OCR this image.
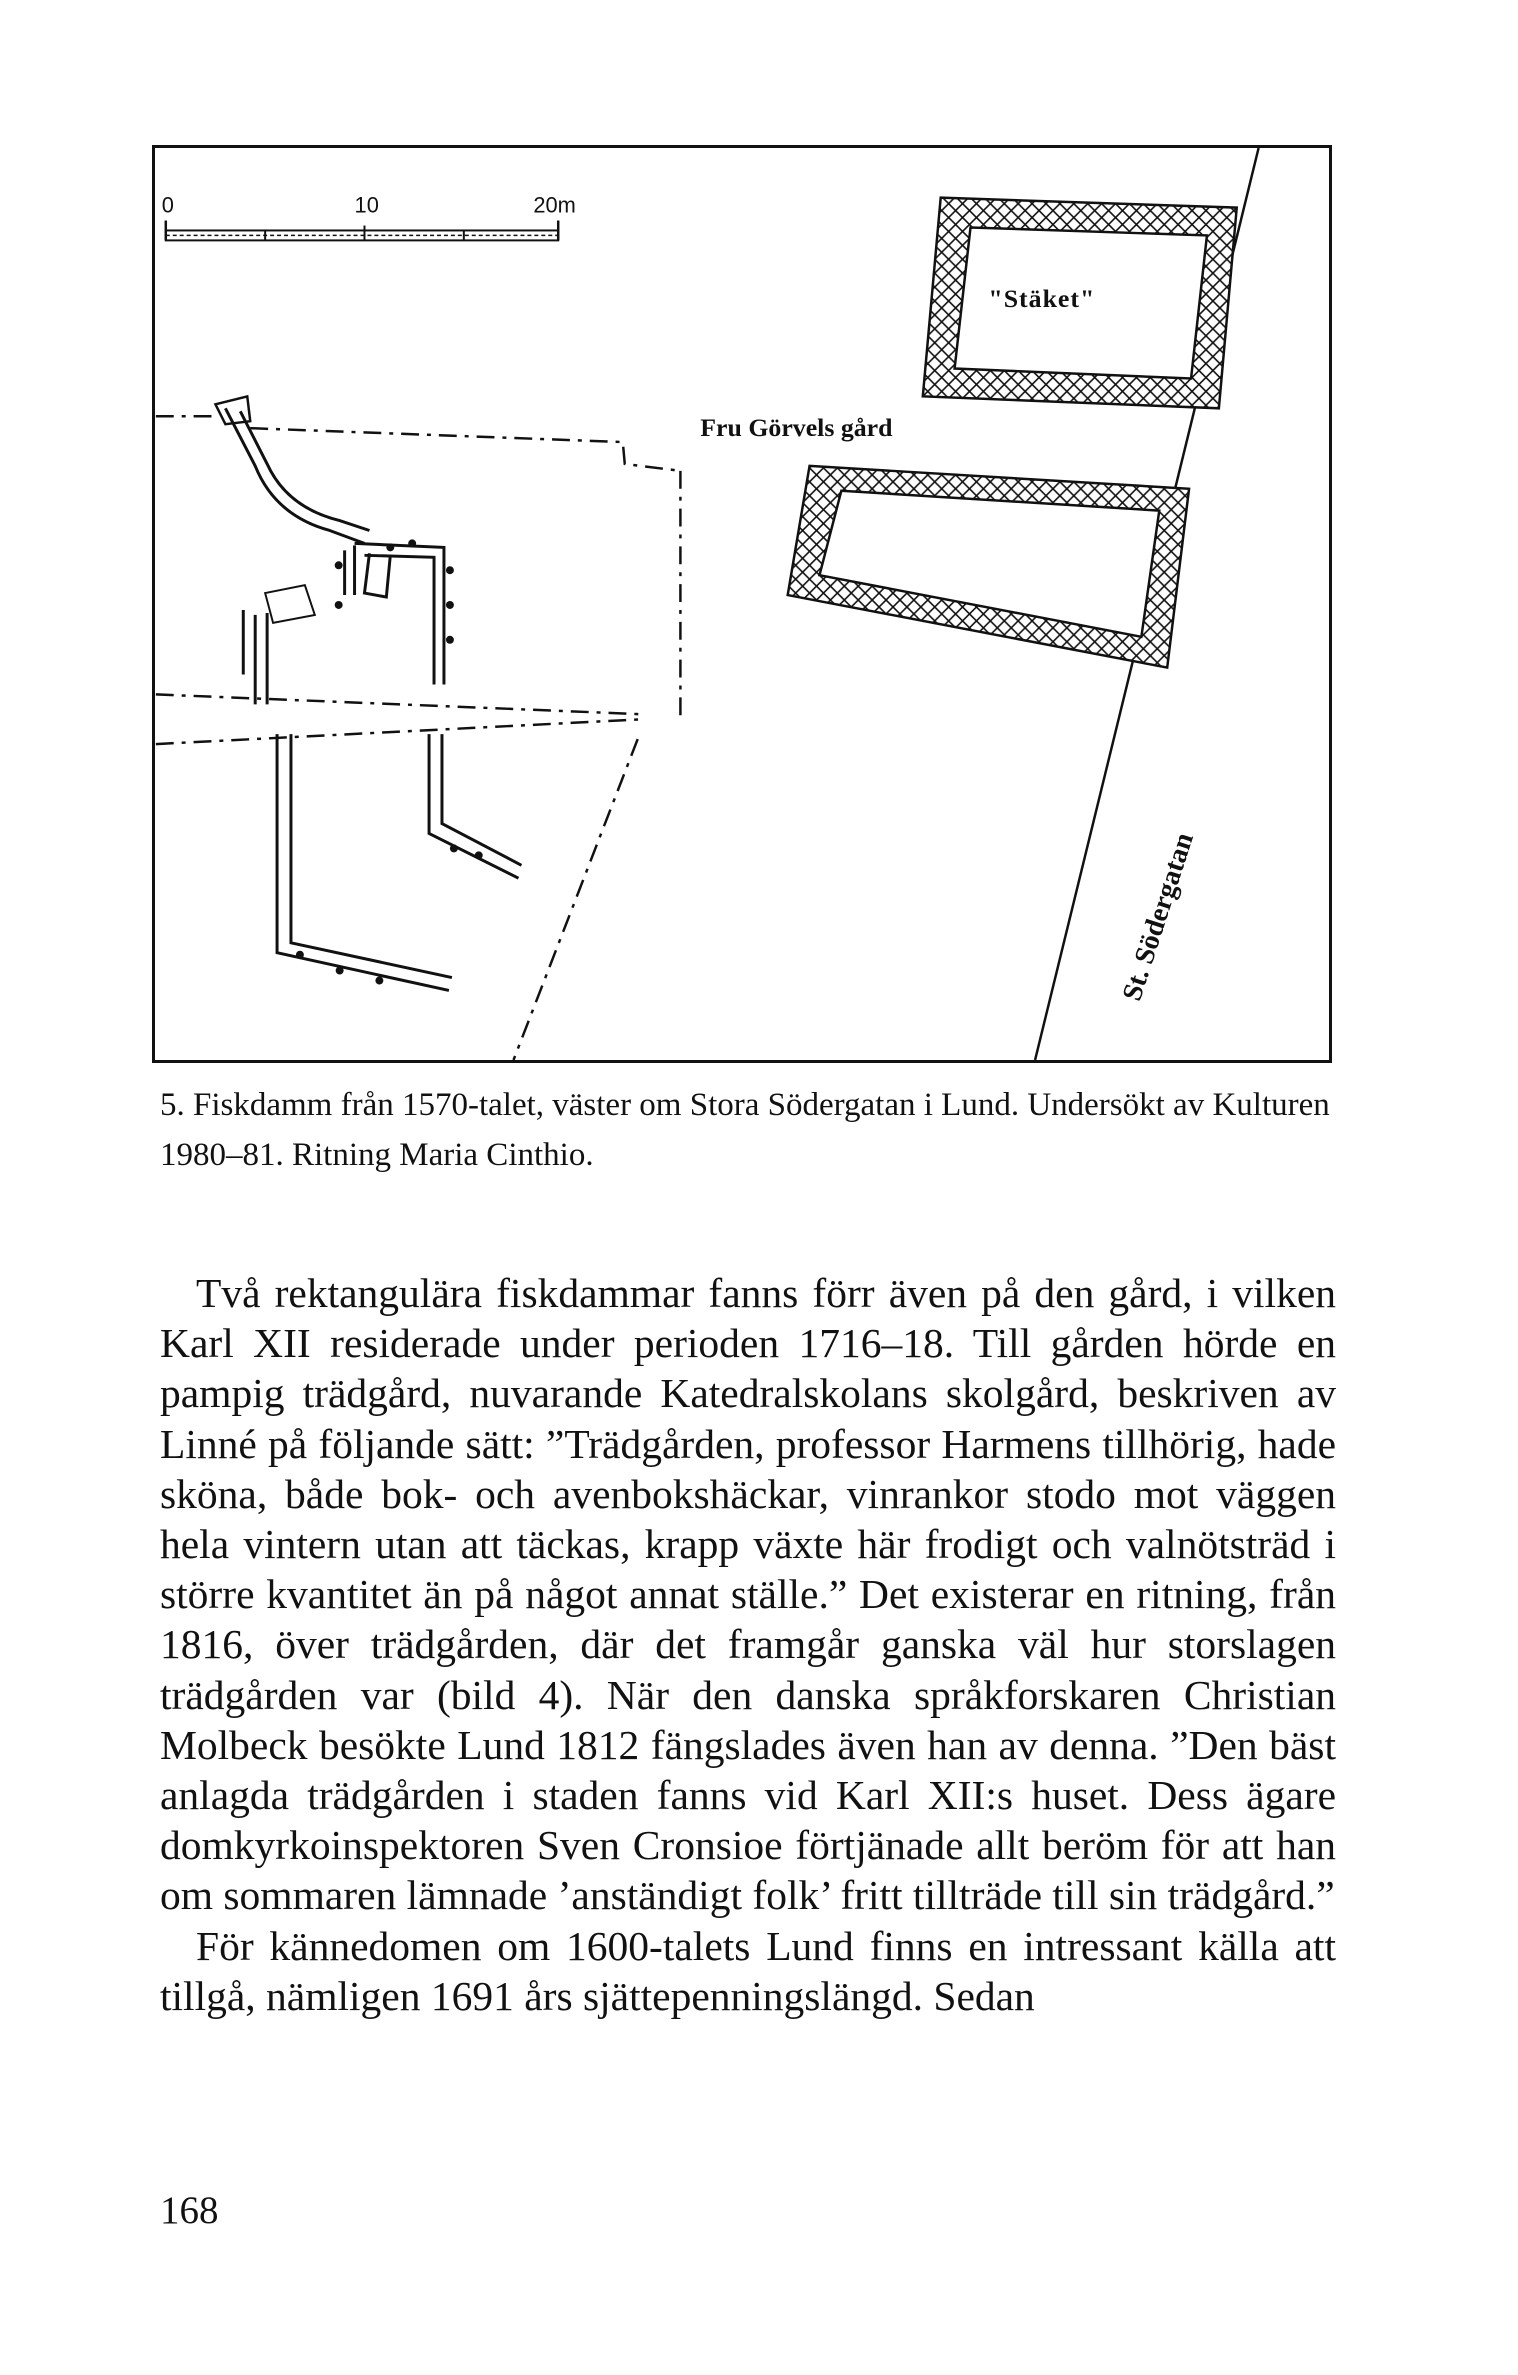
0	10	20m
"Stäket"
Fru Görvels gård
St. Södergatan

5. Fiskdamm från 1570-talet, väster om Stora Södergatan i Lund. Undersökt av Kulturen 1980–81. Ritning Maria Cinthio.

Två rektangulära fiskdammar fanns förr även på den gård, i vilken Karl XII residerade under perioden 1716–18. Till gården hörde en pampig trädgård, nuvarande Katedralskolans skolgård, beskriven av Linné på följande sätt: ”Trädgården, professor Harmens tillhörig, hade sköna, både bok- och avenbokshäckar, vinrankor stodo mot väggen hela vintern utan att täckas, krapp växte här frodigt och valnötsträd i större kvantitet än på något annat ställe.” Det existerar en ritning, från 1816, över trädgården, där det framgår ganska väl hur storslagen trädgården var (bild 4). När den danska språkforskaren Christian Molbeck besökte Lund 1812 fängslades även han av denna. ”Den bäst anlagda trädgården i staden fanns vid Karl XII:s huset. Dess ägare domkyrkoinspektoren Sven Cronsioe förtjänade allt beröm för att han om sommaren lämnade ’anständigt folk’ fritt tillträde till sin trädgård.”

För kännedomen om 1600-talets Lund finns en intressant källa att tillgå, nämligen 1691 års sjättepenningslängd. Sedan

168
